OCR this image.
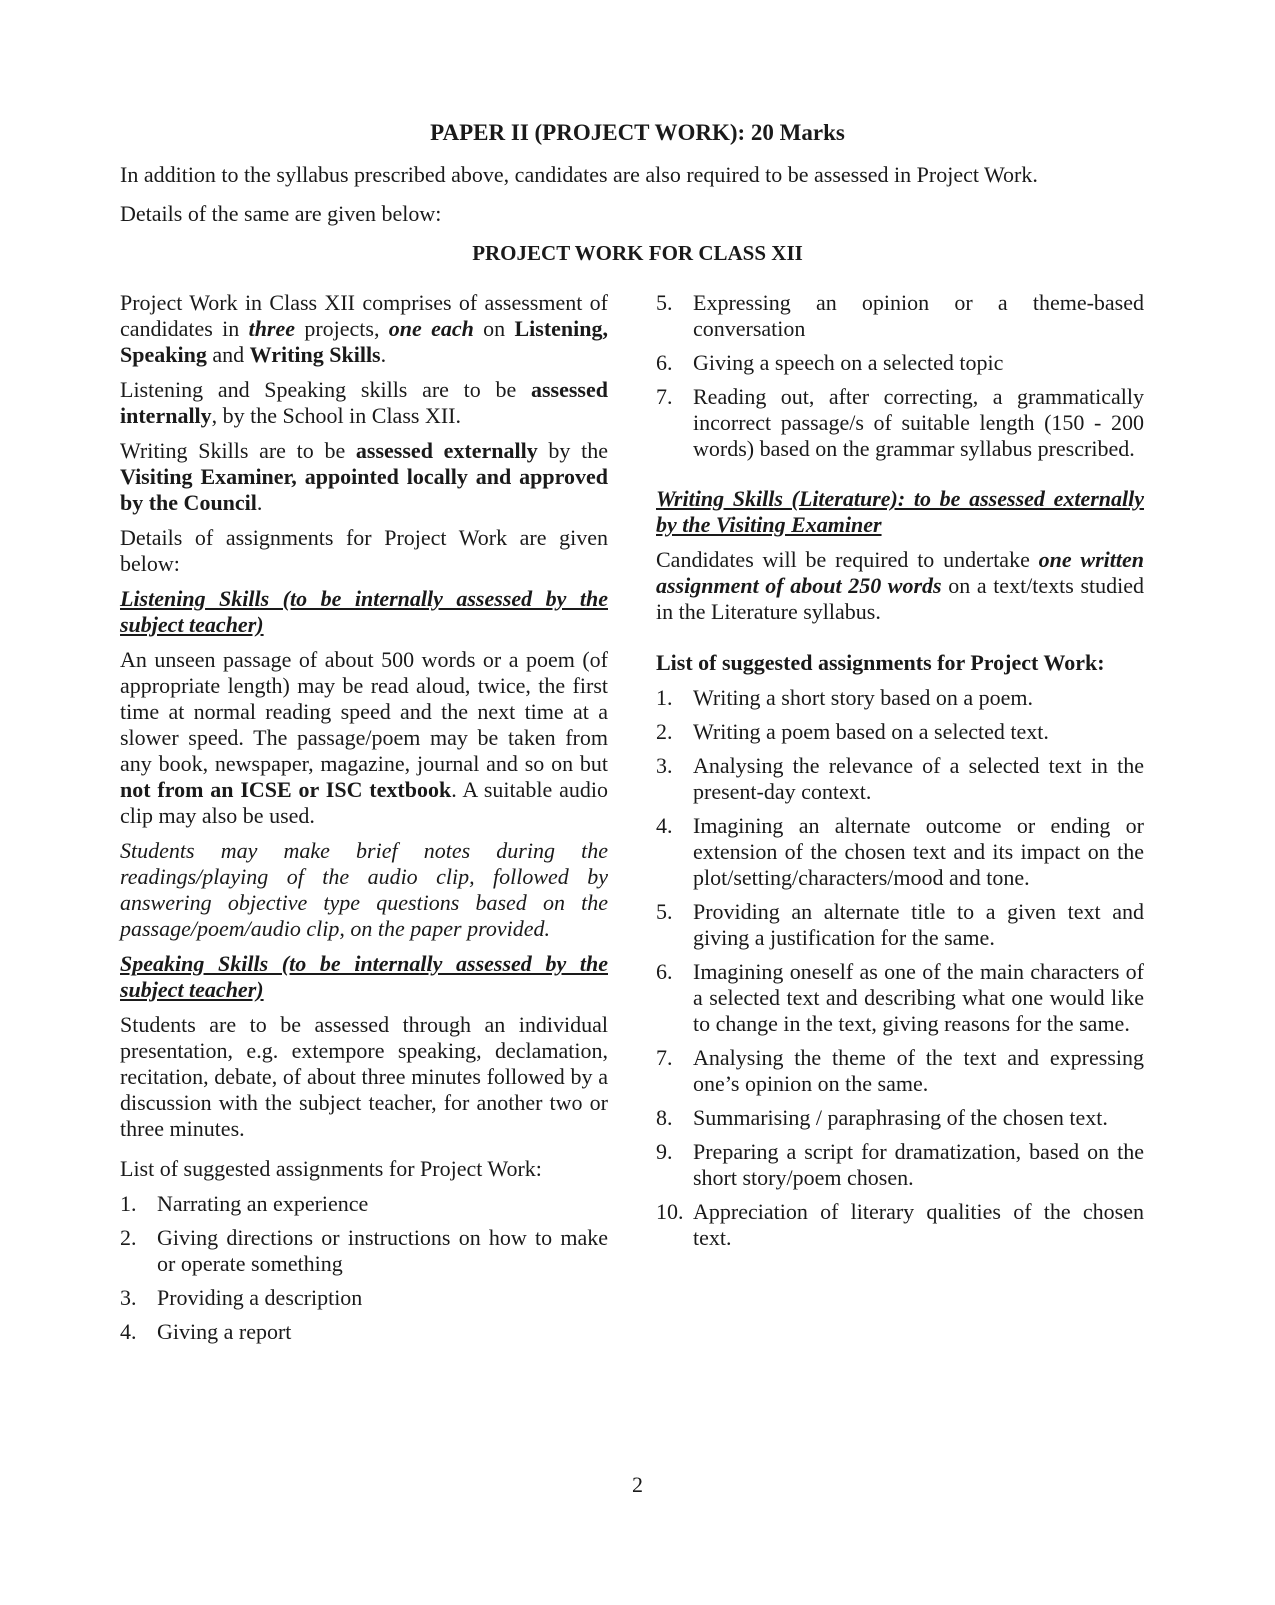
PAPER II (PROJECT WORK): 20 Marks

In addition to the syllabus prescribed above, candidates are also required to be assessed in Project Work.

Details of the same are given below:

PROJECT WORK FOR CLASS XII

Project Work in Class XII comprises of assessment of candidates in three projects, one each on Listening, Speaking and Writing Skills.

Listening and Speaking skills are to be assessed internally, by the School in Class XII.

Writing Skills are to be assessed externally by the Visiting Examiner, appointed locally and approved by the Council.

Details of assignments for Project Work are given below:

Listening Skills (to be internally assessed by the subject teacher)

An unseen passage of about 500 words or a poem (of appropriate length) may be read aloud, twice, the first time at normal reading speed and the next time at a slower speed. The passage/poem may be taken from any book, newspaper, magazine, journal and so on but not from an ICSE or ISC textbook. A suitable audio clip may also be used.

Students may make brief notes during the readings/playing of the audio clip, followed by answering objective type questions based on the passage/poem/audio clip, on the paper provided.

Speaking Skills (to be internally assessed by the subject teacher)

Students are to be assessed through an individual presentation, e.g. extempore speaking, declamation, recitation, debate, of about three minutes followed by a discussion with the subject teacher, for another two or three minutes.

List of suggested assignments for Project Work:

1. Narrating an experience
2. Giving directions or instructions on how to make or operate something
3. Providing a description
4. Giving a report
5. Expressing an opinion or a theme-based conversation
6. Giving a speech on a selected topic
7. Reading out, after correcting, a grammatically incorrect passage/s of suitable length (150 - 200 words) based on the grammar syllabus prescribed.
Writing Skills (Literature): to be assessed externally by the Visiting Examiner

Candidates will be required to undertake one written assignment of about 250 words on a text/texts studied in the Literature syllabus.

List of suggested assignments for Project Work:
1. Writing a short story based on a poem.
2. Writing a poem based on a selected text.
3. Analysing the relevance of a selected text in the present-day context.
4. Imagining an alternate outcome or ending or extension of the chosen text and its impact on the plot/setting/characters/mood and tone.
5. Providing an alternate title to a given text and giving a justification for the same.
6. Imagining oneself as one of the main characters of a selected text and describing what one would like to change in the text, giving reasons for the same.
7. Analysing the theme of the text and expressing one’s opinion on the same.
8. Summarising / paraphrasing of the chosen text.
9. Preparing a script for dramatization, based on the short story/poem chosen.
10. Appreciation of literary qualities of the chosen text.

2
